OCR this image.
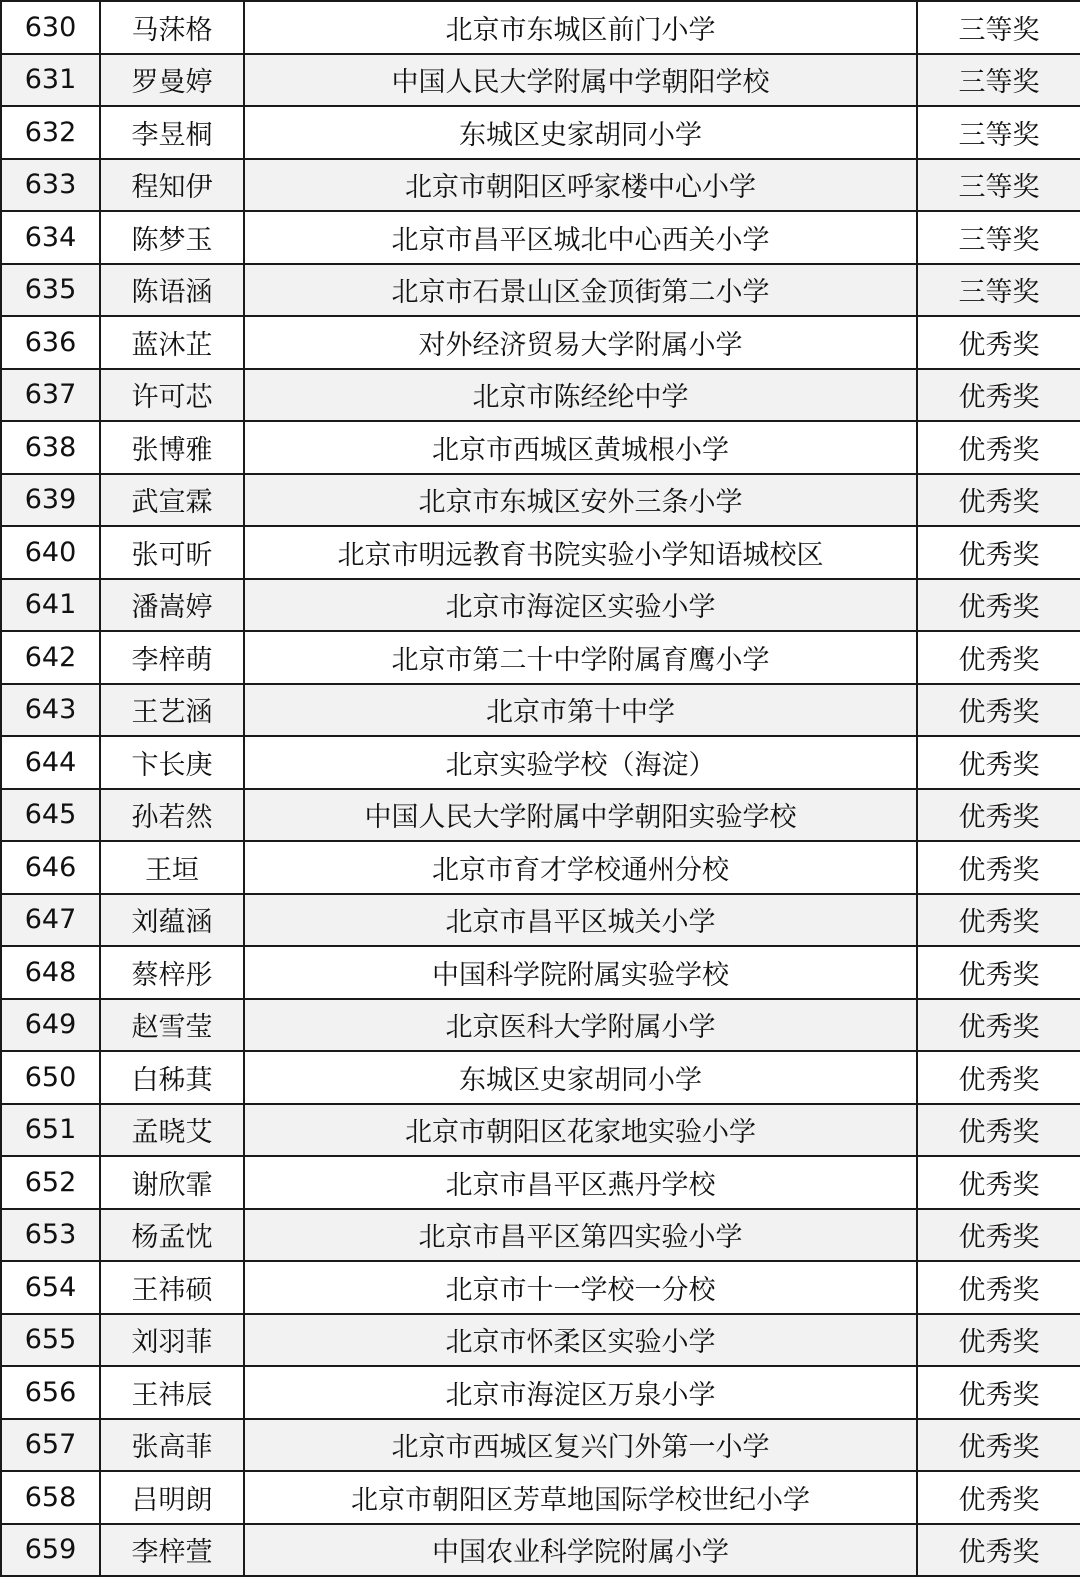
630	马莯格	北京市东城区前门小学	三等奖
631	罗曼婷	中国人民大学附属中学朝阳学校	三等奖
632	李昱桐	东城区史家胡同小学	三等奖
633	程知伊	北京市朝阳区呼家楼中心小学	三等奖
634	陈梦玉	北京市昌平区城北中心西关小学	三等奖
635	陈语涵	北京市石景山区金顶街第二小学	三等奖
636	蓝沐芷	对外经济贸易大学附属小学	优秀奖
637	许可芯	北京市陈经纶中学	优秀奖
638	张博雅	北京市西城区黄城根小学	优秀奖
639	武宣霖	北京市东城区安外三条小学	优秀奖
640	张可昕	北京市明远教育书院实验小学知语城校区	优秀奖
641	潘嵩婷	北京市海淀区实验小学	优秀奖
642	李梓萌	北京市第二十中学附属育鹰小学	优秀奖
643	王艺涵	北京市第十中学	优秀奖
644	卞长庚	北京实验学校（海淀）	优秀奖
645	孙若然	中国人民大学附属中学朝阳实验学校	优秀奖
646	王垣	北京市育才学校通州分校	优秀奖
647	刘蕴涵	北京市昌平区城关小学	优秀奖
648	蔡梓彤	中国科学院附属实验学校	优秀奖
649	赵雪莹	北京医科大学附属小学	优秀奖
650	白秭萁	东城区史家胡同小学	优秀奖
651	孟晓艾	北京市朝阳区花家地实验小学	优秀奖
652	谢欣霏	北京市昌平区燕丹学校	优秀奖
653	杨孟忱	北京市昌平区第四实验小学	优秀奖
654	王祎硕	北京市十一学校一分校	优秀奖
655	刘羽菲	北京市怀柔区实验小学	优秀奖
656	王祎辰	北京市海淀区万泉小学	优秀奖
657	张高菲	北京市西城区复兴门外第一小学	优秀奖
658	吕明朗	北京市朝阳区芳草地国际学校世纪小学	优秀奖
659	李梓萱	中国农业科学院附属小学	优秀奖
